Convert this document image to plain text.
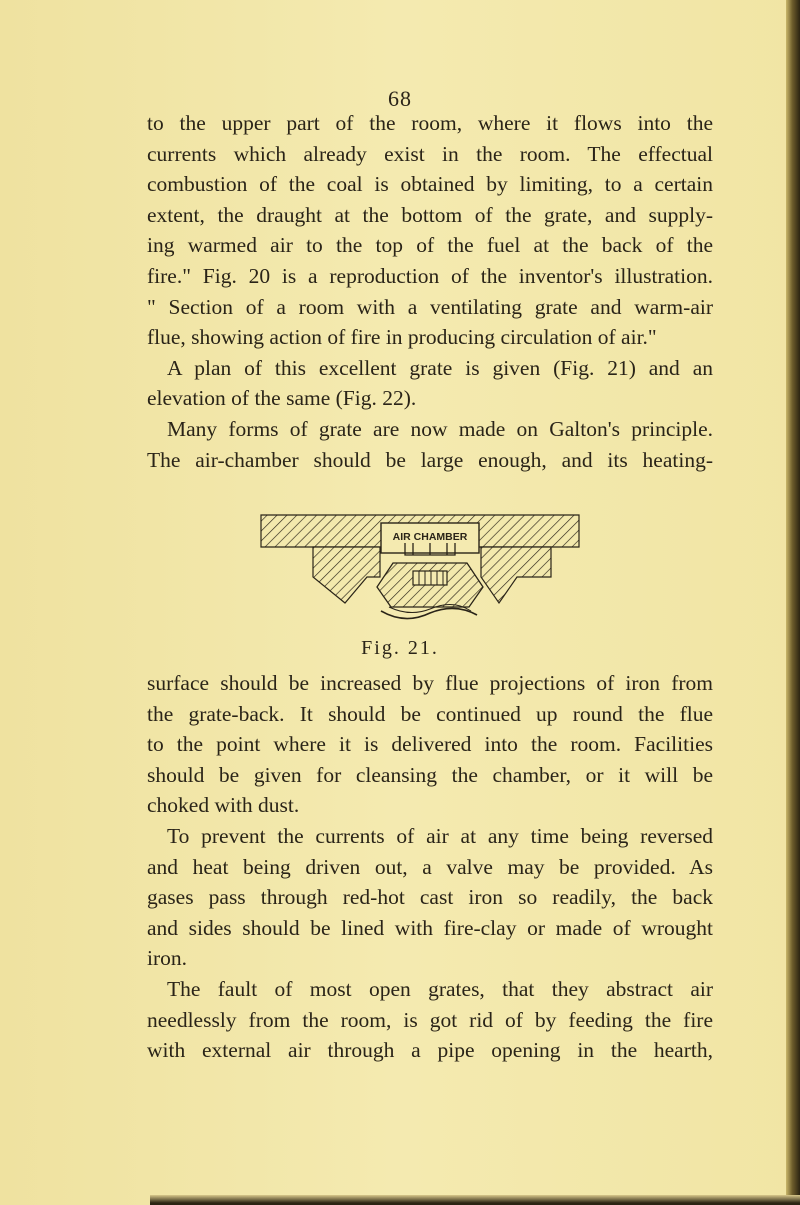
68
to the upper part of the room, where it flows into the
currents which already exist in the room. The effectual
combustion of the coal is obtained by limiting, to a certain
extent, the draught at the bottom of the grate, and supply-
ing warmed air to the top of the fuel at the back of the
fire." Fig. 20 is a reproduction of the inventor's illustration.
" Section of a room with a ventilating grate and warm-air
flue, showing action of fire in producing circulation of air."
A plan of this excellent grate is given (Fig. 21) and an
elevation of the same (Fig. 22).
Many forms of grate are now made on Galton's principle.
The air-chamber should be large enough, and its heating-
AIR CHAMBER
Fig. 21.
surface should be increased by flue projections of iron from
the grate-back. It should be continued up round the flue
to the point where it is delivered into the room. Facilities
should be given for cleansing the chamber, or it will be
choked with dust.
To prevent the currents of air at any time being reversed
and heat being driven out, a valve may be provided. As
gases pass through red-hot cast iron so readily, the back
and sides should be lined with fire-clay or made of wrought
iron.
The fault of most open grates, that they abstract air
needlessly from the room, is got rid of by feeding the fire
with external air through a pipe opening in the hearth,
